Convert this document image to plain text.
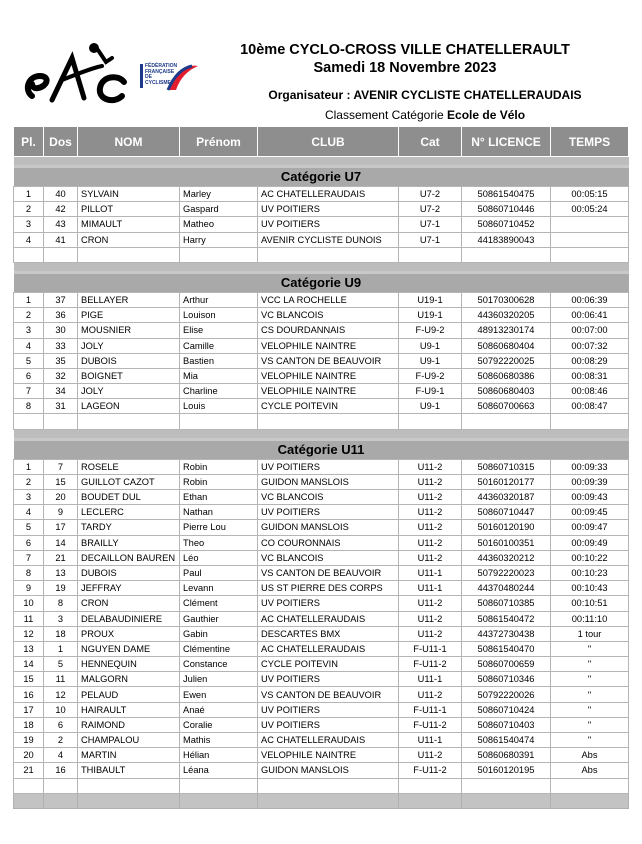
FÉDÉRATION
FRANÇAISE
DE
CYCLISME
10ème CYCLO-CROSS VILLE CHATELLERAULT
Samedi 18 Novembre 2023
Organisateur : AVENIR CYCLISTE CHATELLERAUDAIS
Classement Catégorie Ecole de Vélo
Pl.	Dos	NOM	Prénom	CLUB	Cat	N° LICENCE	TEMPS

Catégorie U7							
1	40	SYLVAIN	Marley	AC CHATELLERAUDAIS	U7-2	50861540475	00:05:15
2	42	PILLOT	Gaspard	UV POITIERS	U7-2	50860710446	00:05:24
3	43	MIMAULT	Matheo	UV POITIERS	U7-1	50860710452	
4	41	CRON	Harry	AVENIR CYCLISTE DUNOIS	U7-1	44183890043	

Catégorie U9							
1	37	BELLAYER	Arthur	VCC LA ROCHELLE	U19-1	50170300628	00:06:39
2	36	PIGE	Louison	VC BLANCOIS	U19-1	44360320205	00:06:41
3	30	MOUSNIER	Elise	CS DOURDANNAIS	F-U9-2	48913230174	00:07:00
4	33	JOLY	Camille	VELOPHILE NAINTRE	U9-1	50860680404	00:07:32
5	35	DUBOIS	Bastien	VS CANTON DE BEAUVOIR	U9-1	50792220025	00:08:29
6	32	BOIGNET	Mia	VELOPHILE NAINTRE	F-U9-2	50860680386	00:08:31
7	34	JOLY	Charline	VELOPHILE NAINTRE	F-U9-1	50860680403	00:08:46
8	31	LAGEON	Louis	CYCLE POITEVIN	U9-1	50860700663	00:08:47

Catégorie U11							
1	7	ROSELE	Robin	UV POITIERS	U11-2	50860710315	00:09:33
2	15	GUILLOT CAZOT	Robin	GUIDON MANSLOIS	U11-2	50160120177	00:09:39
3	20	BOUDET DUL	Ethan	VC BLANCOIS	U11-2	44360320187	00:09:43
4	9	LECLERC	Nathan	UV POITIERS	U11-2	50860710447	00:09:45
5	17	TARDY	Pierre Lou	GUIDON MANSLOIS	U11-2	50160120190	00:09:47
6	14	BRAILLY	Theo	CO COURONNAIS	U11-2	50160100351	00:09:49
7	21	DECAILLON BAUREN	Léo	VC BLANCOIS	U11-2	44360320212	00:10:22
8	13	DUBOIS	Paul	VS CANTON DE BEAUVOIR	U11-1	50792220023	00:10:23
9	19	JEFFRAY	Levann	US ST PIERRE DES CORPS	U11-1	44370480244	00:10:43
10	8	CRON	Clément	UV POITIERS	U11-2	50860710385	00:10:51
11	3	DELABAUDINIERE	Gauthier	AC CHATELLERAUDAIS	U11-2	50861540472	00:11:10
12	18	PROUX	Gabin	DESCARTES BMX	U11-2	44372730438	1 tour
13	1	NGUYEN DAME	Clémentine	AC CHATELLERAUDAIS	F-U11-1	50861540470	"
14	5	HENNEQUIN	Constance	CYCLE POITEVIN	F-U11-2	50860700659	"
15	11	MALGORN	Julien	UV POITIERS	U11-1	50860710346	"
16	12	PELAUD	Ewen	VS CANTON DE BEAUVOIR	U11-2	50792220026	"
17	10	HAIRAULT	Anaé	UV POITIERS	F-U11-1	50860710424	"
18	6	RAIMOND	Coralie	UV POITIERS	F-U11-2	50860710403	"
19	2	CHAMPALOU	Mathis	AC CHATELLERAUDAIS	U11-1	50861540474	"
20	4	MARTIN	Hélian	VELOPHILE NAINTRE	U11-2	50860680391	Abs
21	16	THIBAULT	Léana	GUIDON MANSLOIS	F-U11-2	50160120195	Abs
